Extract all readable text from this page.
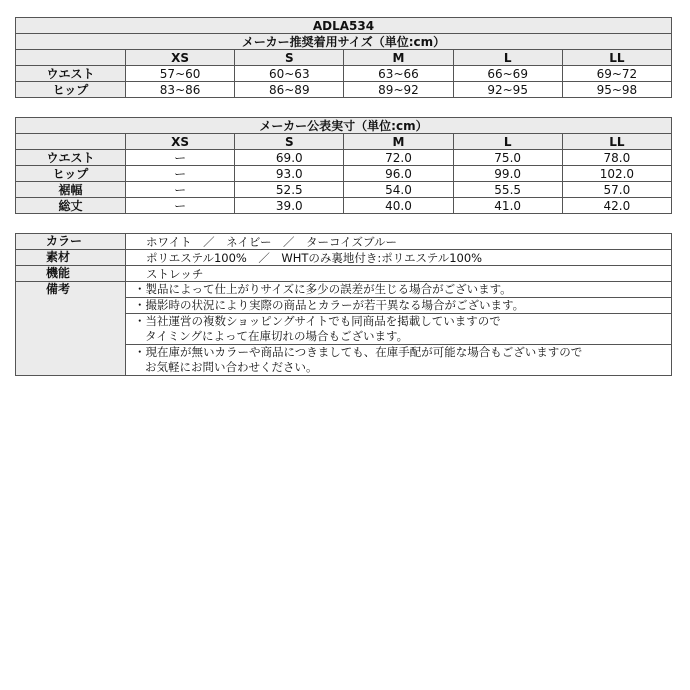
ADLA534					
メーカー推奨着用サイズ（単位:cm）					
	XS	S	M	L	LL
ウエスト	57~60	60~63	63~66	66~69	69~72
ヒップ	83~86	86~89	89~92	92~95	95~98
メーカー公表実寸（単位:cm）					
	XS	S	M	L	LL
ウエスト	ー	69.0	72.0	75.0	78.0
ヒップ	ー	93.0	96.0	99.0	102.0
裾幅	ー	52.5	54.0	55.5	57.0
総丈	ー	39.0	40.0	41.0	42.0
カラー	ホワイト　／　ネイビー　／　ターコイズブルー
素材	ポリエステル100%　／　WHTのみ裏地付き:ポリエステル100%
機能	ストレッチ
備考	・製品によって仕上がりサイズに多少の誤差が生じる場合がございます。

	・撮影時の状況により実際の商品とカラーが若干異なる場合がございます。

	・当社運営の複数ショッピングサイトでも同商品を掲載していますので
タイミングによって在庫切れの場合もございます。

	・現在庫が無いカラーや商品につきましても、在庫手配が可能な場合もございますので
お気軽にお問い合わせください。
